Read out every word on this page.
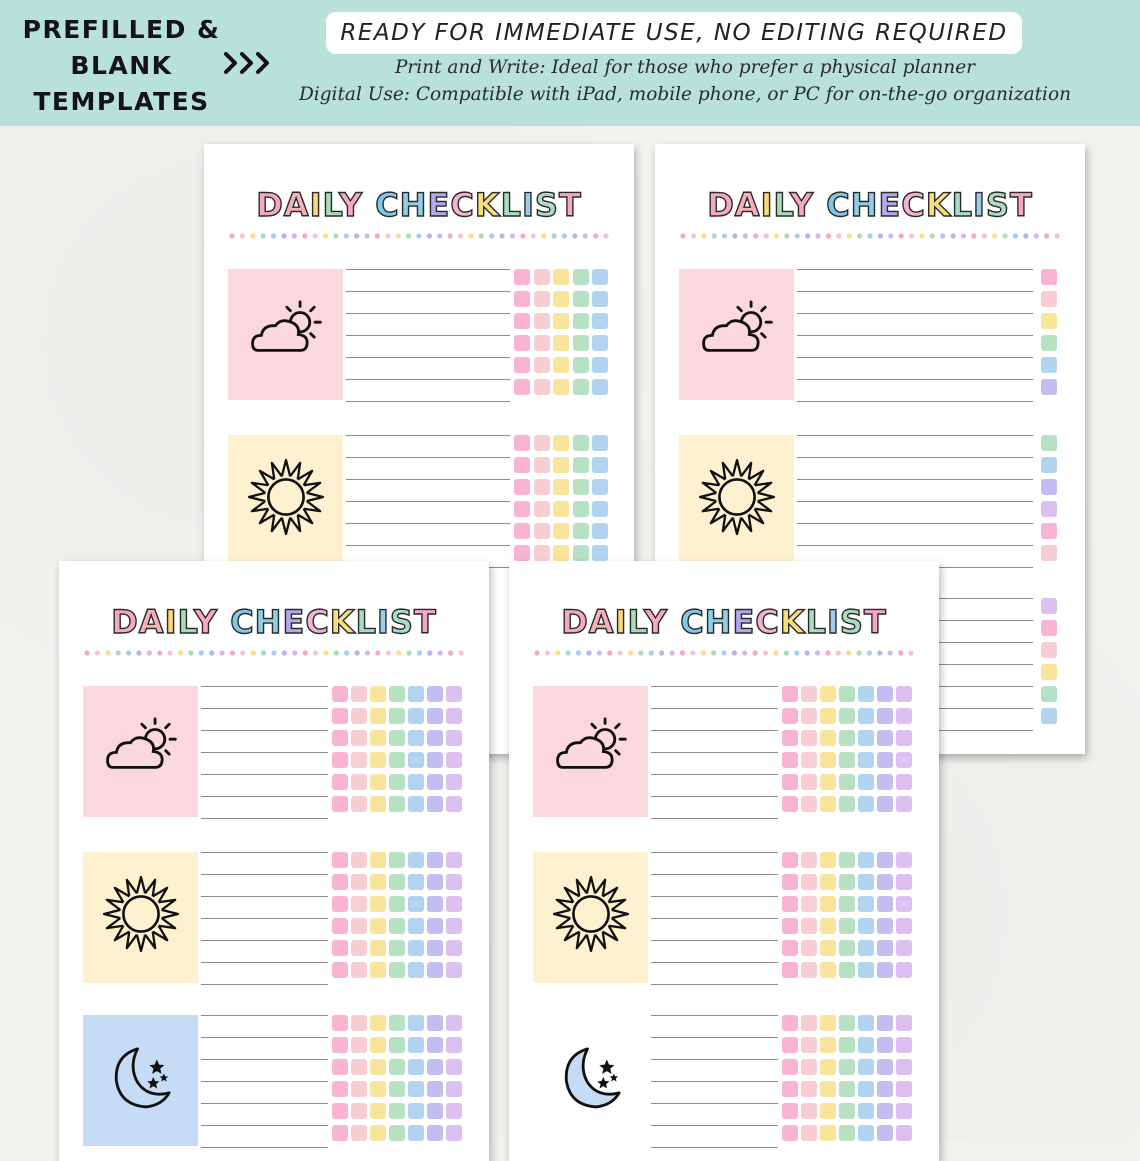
PREFILLED &
BLANK
TEMPLATES
READY FOR IMMEDIATE USE, NO EDITING REQUIRED
Print and Write: Ideal for those who prefer a physical planner
Digital Use: Compatible with iPad, mobile phone, or PC for on-the-go organization
DAILY CHECKLIST	DAILY CHECKLIST
DAILY CHECKLIST	DAILY CHECKLIST
